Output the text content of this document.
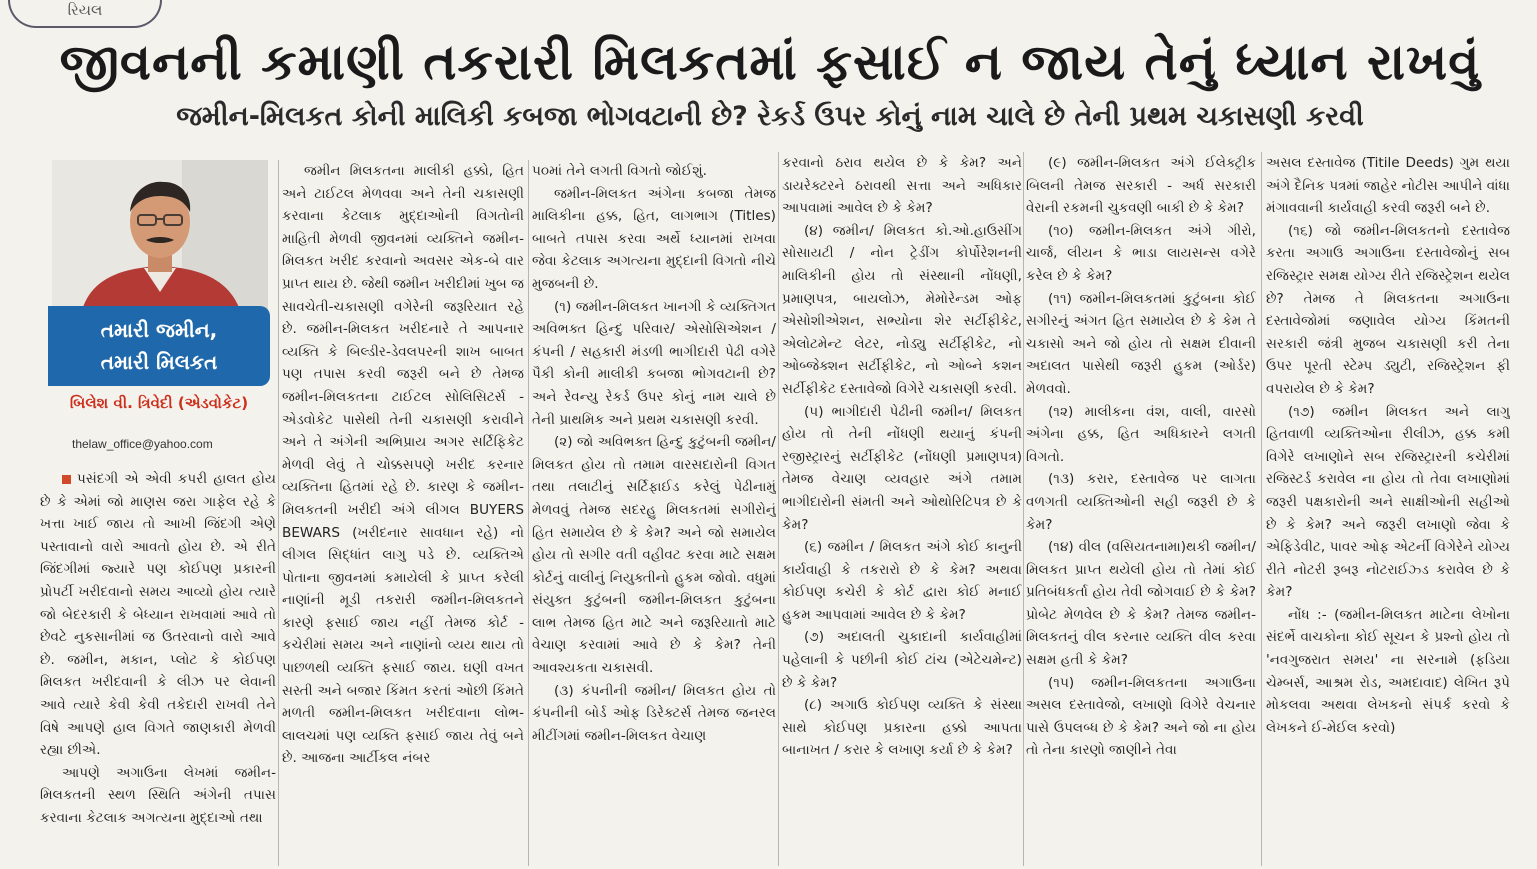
રિયલ
જીવનની કમાણી તકરારી મિલકતમાં ફસાઈ ન જાય તેનું ધ્યાન રાખવું
જમીન-મિલકત કોની માલિકી કબજા ભોગવટાની છે? રેકર્ડ ઉપર કોનું નામ ચાલે છે તેની પ્રથમ ચકાસણી કરવી
તમારી જમીન,
તમારી મિલકત
બિલેશ વી. ત્રિવેદી (એડવોકેટ)
thelaw_office@yahoo.com

પસંદગી એ એવી કપરી હાલત હોય છે કે એમાં જો માણસ જરા ગાફેલ રહે કે ખત્તા ખાઈ જાય તો આખી જિંદગી એણે પસ્તાવાનો વારો આવતો હોય છે. એ રીતે જિંદગીમાં જ્યારે પણ કોઈપણ પ્રકારની પ્રોપર્ટી ખરીદવાનો સમય આવ્યો હોય ત્યારે જો બેદરકારી કે બેધ્યાન રાખવામાં આવે તો છેવટે નુકસાનીમાં જ ઉતરવાનો વારો આવે છે. જમીન, મકાન, પ્લોટ કે કોઈપણ મિલકત ખરીદવાની કે લીઝ પર લેવાની આવે ત્યારે કેવી કેવી તકેદારી રાખવી તેને વિષે આપણે હાલ વિગતે જાણકારી મેળવી રહ્યા છીએ.

આપણે અગાઉના લેખમાં જમીન-મિલકતની સ્થળ સ્થિતિ અંગેની તપાસ કરવાના કેટલાક અગત્યના મુદ્દાઓ તથા

જમીન મિલકતના માલીકી હક્કો, હિત અને ટાઈટલ મેળવવા અને તેની ચકાસણી કરવાના કેટલાક મુદ્દાઓની વિગતોની માહિતી મેળવી જીવનમાં વ્યક્તિને જમીન-મિલકત ખરીદ કરવાનો અવસર એક-બે વાર પ્રાપ્ત થાય છે. જેથી જમીન ખરીદીમાં ખુબ જ સાવચેતી-ચકાસણી વગેરેની જરૂરિયાત રહે છે. જમીન-મિલકત ખરીદનારે તે આપનાર વ્યક્તિ કે બિલ્ડીર-ડેવલપરની શાખ બાબત પણ તપાસ કરવી જરૂરી બને છે તેમજ જમીન-મિલકતના ટાઈટલ સોલિસિટર્સ - એડવોકેટ પાસેથી તેની ચકાસણી કરાવીને અને તે અંગેની અભિપ્રાય અગર સર્ટિફિકેટ મેળવી લેવું તે ચોક્કસપણે ખરીદ કરનાર વ્યક્તિના હિતમાં રહે છે. કારણ કે જમીન-મિલકતની ખરીદી અંગે લીગલ BUYERS BEWARS (ખરીદનાર સાવધાન રહે) નો લીગલ સિદ્ધાંત લાગુ પડે છે. વ્યક્તિએ પોતાના જીવનમાં કમાયેલી કે પ્રાપ્ત કરેલી નાણાંની મૂડી તકરારી જમીન-મિલકતને કારણે ફસાઈ જાય નહીં તેમજ કોર્ટ - કચેરીમાં સમય અને નાણાંનો વ્યય થાય તો પાછળથી વ્યક્તિ ફસાઈ જાય. ઘણી વખત સસ્તી અને બજાર કિંમત કરતાં ઓછી કિંમતે મળતી જમીન-મિલકત ખરીદવાના લોભ-લાલચમાં પણ વ્યક્તિ ફસાઈ જાય તેવું બને છે. આજના આર્ટીકલ નંબર

૫૦માં તેને લગતી વિગતો જોઈશું.

જમીન-મિલકત અંગેના કબજા તેમજ માલિકીના હક્ક, હિત, લાગભાગ (Titles) બાબતે તપાસ કરવા અર્થે ધ્યાનમાં રાખવા જેવા કેટલાક અગત્યના મુદ્દાની વિગતો નીચે મુજબની છે.

(૧) જમીન-મિલકત ખાનગી કે વ્યક્તિગત અવિભક્ત હિન્દુ પરિવાર/ એસોસિએશન / કંપની / સહકારી મંડળી ભાગીદારી પેઢી વગેરે પૈકી કોની માલીકી કબજા ભોગવટાની છે? અને રેવન્યુ રેકર્ડ ઉપર કોનું નામ ચાલે છે તેની પ્રાથમિક અને પ્રથમ ચકાસણી કરવી.

(૨) જો અવિભક્ત હિન્દુ કુટુંબની જમીન/મિલકત હોય તો તમામ વારસદારોની વિગત તથા તલાટીનું સર્ટિફાઈડ કરેલું પેઢીનામું મેળવવું તેમજ સદરહુ મિલકતમાં સગીરોનું હિત સમાયેલ છે કે કેમ? અને જો સમાયેલ હોય તો સગીર વતી વહીવટ કરવા માટે સક્ષમ કોર્ટનું વાલીનું નિયુક્તીનો હુકમ જોવો. વધુમાં સંયુક્ત કુટુંબની જમીન-મિલકત કુટુંબના લાભ તેમજ હિત માટે અને જરૂરિયાતો માટે વેચાણ કરવામાં આવે છે કે કેમ? તેની આવશ્યકતા ચકાસવી.

(૩) કંપનીની જમીન/ મિલકત હોય તો કંપનીની બોર્ડ ઓફ ડિરેક્ટર્સ તેમજ જનરલ મીટીંગમાં જમીન-મિલકત વેચાણ

કરવાનો ઠરાવ થયેલ છે કે કેમ? અને ડાયરેક્ટરને ઠરાવથી સત્તા અને અધિકાર આપવામાં આવેલ છે કે કેમ?

(૪) જમીન/ મિલકત કો.ઓ.હાઉસીંગ સોસાયટી / નોન ટ્રેડીંગ કોર્પોરેશનની માલિકીની હોય તો સંસ્થાની નોંધણી, પ્રમાણપત્ર, બાયલોઝ, મેમોરેન્ડમ ઓફ એસોશીએશન, સભ્યોના શેર સર્ટીફીકેટ, એલોટમેન્ટ લેટર, નોડ્યુ સર્ટીફીકેટ, નો ઓબ્જેક્શન સર્ટીફીકેટ, નો ઓબ્ને કશન સર્ટીફીકેટ દસ્તાવેજો વિગેરે ચકાસણી કરવી.

(૫) ભાગીદારી પેઢીની જમીન/ મિલકત હોય તો તેની નોંધણી થયાનું કંપની રજીસ્ટ્રારનું સર્ટીફીકેટ (નોંધણી પ્રમાણપત્ર) તેમજ વેચાણ વ્યવહાર અંગે તમામ ભાગીદારોની સંમતી અને ઓથોરિટિપત્ર છે કે કેમ?

(૬) જમીન / મિલકત અંગે કોઈ કાનુની કાર્યવાહી કે તકરારો છે કે કેમ? અથવા કોઈપણ કચેરી કે કોર્ટ દ્વારા કોઈ મનાઈ હુકમ આપવામાં આવેલ છે કે કેમ?

(૭) અદાલતી ચુકાદાની કાર્યવાહીમાં પહેલાની કે પછીની કોઈ ટાંચ (એટેચમેન્ટ) છે કે કેમ?

(૮) અગાઉ કોઈપણ વ્યક્તિ કે સંસ્થા સાથે કોઈપણ પ્રકારના હક્કો આપતા બાનાખત / કરાર કે લખાણ કર્યા છે કે કેમ?

(૯) જમીન-મિલકત અંગે ઈલેક્ટ્રીક બિલની તેમજ સરકારી - અર્ધ સરકારી વેરાની રકમની ચુકવણી બાકી છે કે કેમ?

(૧૦) જમીન-મિલકત અંગે ગીરો, ચાર્જ, લીયન કે ભાડા લાયસન્સ વગેરે કરેલ છે કે કેમ?

(૧૧) જમીન-મિલકતમાં કુટુંબના કોઈ સગીરનું અંગત હિત સમાયેલ છે કે કેમ તે ચકાસો અને જો હોય તો સક્ષમ દીવાની અદાલત પાસેથી જરૂરી હુકમ (ઓર્ડર) મેળવવો.

(૧૨) માલીકના વંશ, વાલી, વારસો અંગેના હક્ક, હિત અધિકારને લગતી વિગતો.

(૧૩) કરાર, દસ્તાવેજ પર લાગતા વળગતી વ્યક્તિઓની સહી જરૂરી છે કે કેમ?

(૧૪) વીલ (વસિયતનામા)થકી જમીન/ મિલકત પ્રાપ્ત થયેલી હોય તો તેમાં કોઈ પ્રતિબંધકર્તા હોય તેવી જોગવાઈ છે કે કેમ? પ્રોબેટ મેળવેલ છે કે કેમ? તેમજ જમીન-મિલકતનું વીલ કરનાર વ્યક્તિ વીલ કરવા સક્ષમ હતી કે કેમ?

(૧૫) જમીન-મિલકતના અગાઉના અસલ દસ્તાવેજો, લખાણો વિગેરે વેચનાર પાસે ઉપલબ્ધ છે કે કેમ? અને જો ના હોય તો તેના કારણો જાણીને તેવા

અસલ દસ્તાવેજ (Titile Deeds) ગુમ થયા અંગે દૈનિક પત્રમાં જાહેર નોટીસ આપીને વાંધા મંગાવવાની કાર્યવાહી કરવી જરૂરી બને છે.

(૧૬) જો જમીન-મિલકતનો દસ્તાવેજ કરતા અગાઉ અગાઉના દસ્તાવેજોનું સબ રજિસ્ટ્રાર સમક્ષ યોગ્ય રીતે રજિસ્ટ્રેશન થયેલ છે? તેમજ તે મિલકતના અગાઉના દસ્તાવેજોમાં જણાવેલ યોગ્ય કિંમતની સરકારી જંત્રી મુજબ ચકાસણી કરી તેના ઉપર પૂરતી સ્ટેમ્પ ડ્યુટી, રજિસ્ટ્રેશન ફી વપરાયેલ છે કે કેમ?

(૧૭) જમીન મિલકત અને લાગુ હિતવાળી વ્યક્તિઓના રીલીઝ, હક્ક કમી વિગેરે લખાણોને સબ રજિસ્ટ્રારની કચેરીમાં રજિસ્ટર્ડ કરાવેલ ના હોય તો તેવા લખાણોમાં જરૂરી પક્ષકારોની અને સાક્ષીઓની સહીઓ છે કે કેમ? અને જરૂરી લખાણો જેવા કે એફિડેવીટ, પાવર ઓફ એટર્ની વિગેરેને યોગ્ય રીતે નોટરી રૂબરૂ નોટરાઈઝ્ડ કરાવેલ છે કે કેમ?

નોંધ :- (જમીન-મિલકત માટેના લેખોના સંદર્ભે વાચકોના કોઈ સૂચન કે પ્રશ્નો હોય તો 'નવગુજરાત સમય' ના સરનામે (ફડિયા ચેમ્બર્સ, આશ્રમ રોડ, અમદાવાદ) લેખિત રૂપે મોકલવા અથવા લેખકનો સંપર્ક કરવો કે લેખકને ઈ-મેઈલ કરવો)
